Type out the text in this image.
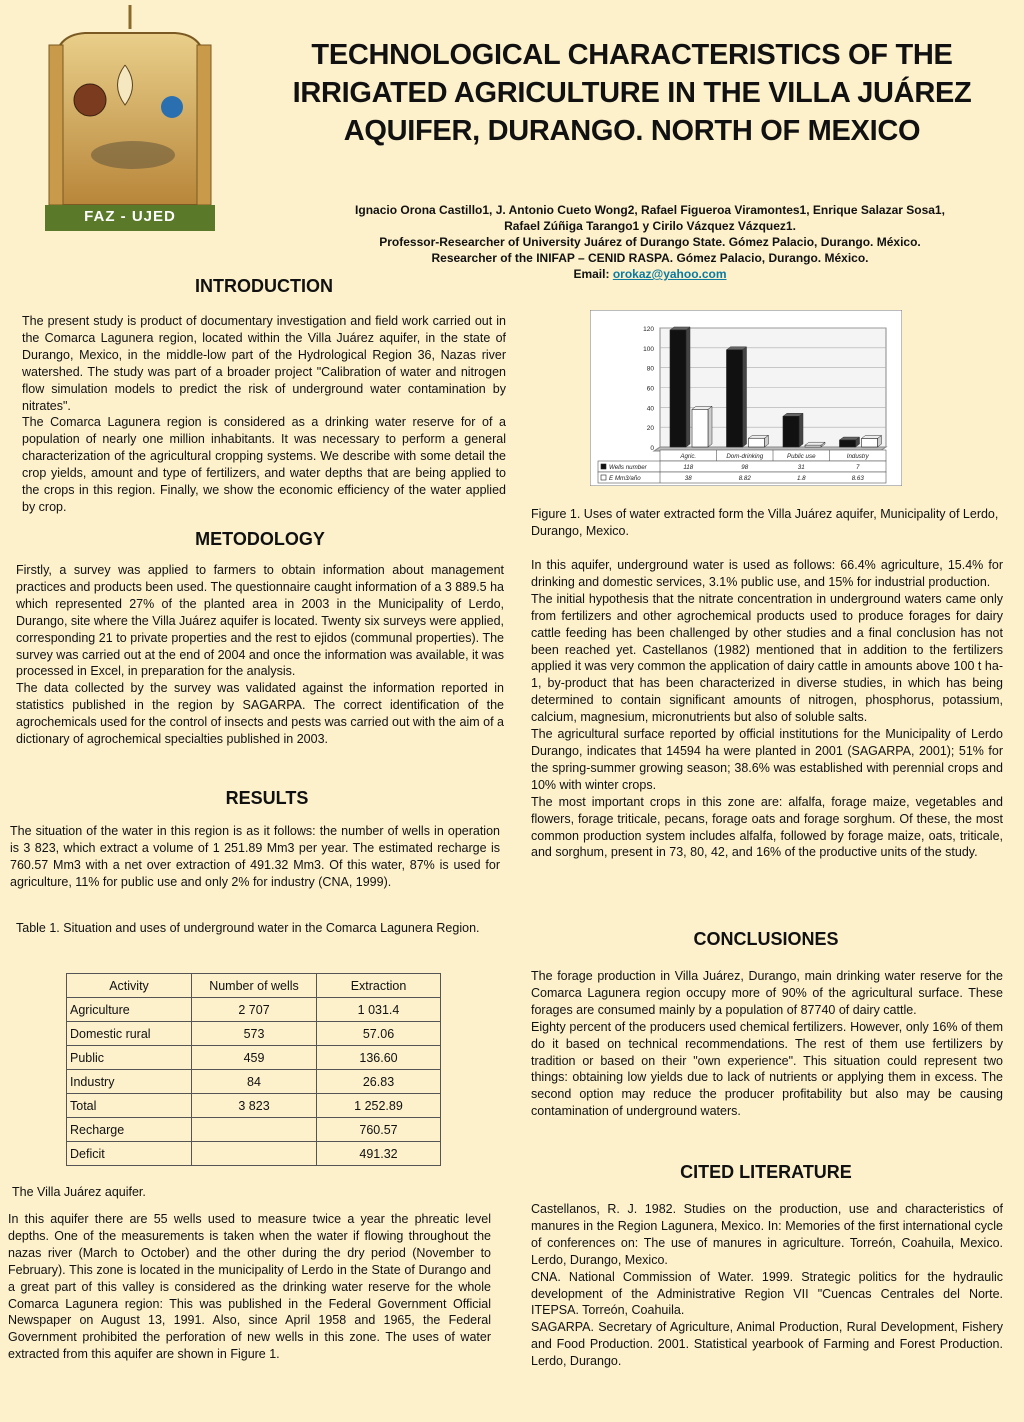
FAZ - UJED
TECHNOLOGICAL CHARACTERISTICS OF THE IRRIGATED AGRICULTURE IN THE VILLA JUÁREZ AQUIFER, DURANGO. NORTH OF MEXICO
Ignacio Orona Castillo1, J. Antonio Cueto Wong2, Rafael Figueroa Viramontes1, Enrique Salazar Sosa1, Rafael Zúñiga Tarango1 y Cirilo Vázquez Vázquez1.
Professor-Researcher of University Juárez of Durango State. Gómez Palacio, Durango. México.
Researcher of the INIFAP – CENID RASPA. Gómez Palacio, Durango. México.
Email: orokaz@yahoo.com
INTRODUCTION

The present study is product of documentary investigation and field work carried out in the Comarca Lagunera region, located within the Villa Juárez aquifer, in the state of Durango, Mexico, in the middle-low part of the Hydrological Region 36, Nazas river watershed. The study was part of a broader project "Calibration of water and nitrogen flow simulation models to predict the risk of underground water contamination by nitrates".

The Comarca Lagunera region is considered as a drinking water reserve for of a population of nearly one million inhabitants. It was necessary to perform a general characterization of the agricultural cropping systems. We describe with some detail the crop yields, amount and type of fertilizers, and water depths that are being applied to the crops in this region. Finally, we show the economic efficiency of the water applied by crop.

METODOLOGY

Firstly, a survey was applied to farmers to obtain information about management practices and products been used. The questionnaire caught information of a 3 889.5 ha which represented 27% of the planted area in 2003 in the Municipality of Lerdo, Durango, site where the Villa Juárez aquifer is located. Twenty six surveys were applied, corresponding 21 to private properties and the rest to ejidos (communal properties). The survey was carried out at the end of 2004 and once the information was available, it was processed in Excel, in preparation for the analysis.

The data collected by the survey was validated against the information reported in statistics published in the region by SAGARPA. The correct identification of the agrochemicals used for the control of insects and pests was carried out with the aim of a dictionary of agrochemical specialties published in 2003.

RESULTS

The situation of the water in this region is as it follows: the number of wells in operation is 3 823, which extract a volume of 1 251.89 Mm3 per year. The estimated recharge is 760.57 Mm3 with a net over extraction of 491.32 Mm3. Of this water, 87% is used for agriculture, 11% for public use and only 2% for industry (CNA, 1999).

Table 1. Situation and uses of underground water in the Comarca Lagunera Region.
Activity	Number of wells	Extraction
Agriculture	2 707	1 031.4
Domestic rural	573	57.06
Public	459	136.60
Industry	84	26.83
Total	3 823	1 252.89
Recharge		760.57
Deficit		491.32
The Villa Juárez aquifer.
In this aquifer there are 55 wells used to measure twice a year the phreatic level depths. One of the measurements is taken when the water if flowing throughout the nazas river (March to October) and the other during the dry period (November to February). This zone is located in the municipality of Lerdo in the State of Durango and a great part of this valley is considered as the drinking water reserve for the whole Comarca Lagunera region: This was published in the Federal Government Official Newspaper on August 13, 1991. Also, since April 1958 and 1965, the Federal Government prohibited the perforation of new wells in this zone. The uses of water extracted from this aquifer are shown in Figure 1.
0
20
40
60
80
100
120
Agric.	Dom-drinking	Public use	Industry
Wells number	118	98	31	7
E Mm3/año	38	8.82	1.8	8.63
Figure 1. Uses of water extracted form the Villa Juárez aquifer, Municipality of Lerdo, Durango, Mexico.

In this aquifer, underground water is used as follows: 66.4% agriculture, 15.4% for drinking and domestic services, 3.1% public use, and 15% for industrial production.

The initial hypothesis that the nitrate concentration in underground waters came only from fertilizers and other agrochemical products used to produce forages for dairy cattle feeding has been challenged by other studies and a final conclusion has not been reached yet. Castellanos (1982) mentioned that in addition to the fertilizers applied it was very common the application of dairy cattle in amounts above 100 t ha-1, by-product that has been characterized in diverse studies, in which has being determined to contain significant amounts of nitrogen, phosphorus, potassium, calcium, magnesium, micronutrients but also of soluble salts.

The agricultural surface reported by official institutions for the Municipality of Lerdo Durango, indicates that 14594 ha were planted in 2001 (SAGARPA, 2001); 51% for the spring-summer growing season; 38.6% was established with perennial crops and 10% with winter crops.

The most important crops in this zone are: alfalfa, forage maize, vegetables and flowers, forage triticale, pecans, forage oats and forage sorghum. Of these, the most common production system includes alfalfa, followed by forage maize, oats, triticale, and sorghum, present in 73, 80, 42, and 16% of the productive units of the study.

CONCLUSIONES

The forage production in Villa Juárez, Durango, main drinking water reserve for the Comarca Lagunera region occupy more of 90% of the agricultural surface. These forages are consumed mainly by a population of 87740 of dairy cattle.

Eighty percent of the producers used chemical fertilizers. However, only 16% of them do it based on technical recommendations. The rest of them use fertilizers by tradition or based on their "own experience". This situation could represent two things: obtaining low yields due to lack of nutrients or applying them in excess. The second option may reduce the producer profitability but also may be causing contamination of underground waters.

CITED LITERATURE

Castellanos, R. J. 1982. Studies on the production, use and characteristics of manures in the Region Lagunera, Mexico. In: Memories of the first international cycle of conferences on: The use of manures in agriculture. Torreón, Coahuila, Mexico. Lerdo, Durango, Mexico.

CNA. National Commission of Water. 1999. Strategic politics for the hydraulic development of the Administrative Region VII "Cuencas Centrales del Norte. ITEPSA. Torreón, Coahuila.

SAGARPA. Secretary of Agriculture, Animal Production, Rural Development, Fishery and Food Production. 2001. Statistical yearbook of Farming and Forest Production. Lerdo, Durango.
